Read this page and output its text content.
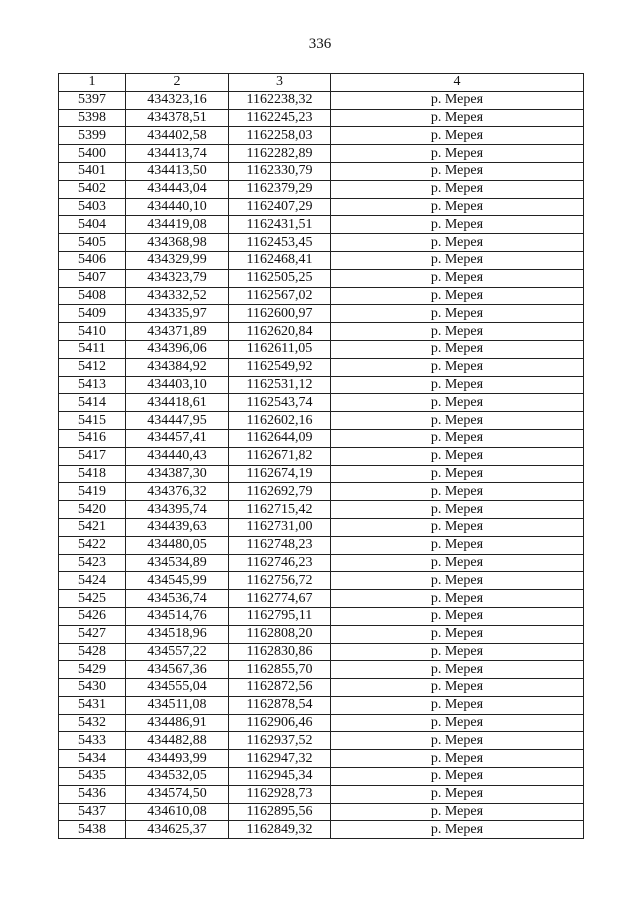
336
1	2	3	4
5397	434323,16	1162238,32	р. Мерея
5398	434378,51	1162245,23	р. Мерея
5399	434402,58	1162258,03	р. Мерея
5400	434413,74	1162282,89	р. Мерея
5401	434413,50	1162330,79	р. Мерея
5402	434443,04	1162379,29	р. Мерея
5403	434440,10	1162407,29	р. Мерея
5404	434419,08	1162431,51	р. Мерея
5405	434368,98	1162453,45	р. Мерея
5406	434329,99	1162468,41	р. Мерея
5407	434323,79	1162505,25	р. Мерея
5408	434332,52	1162567,02	р. Мерея
5409	434335,97	1162600,97	р. Мерея
5410	434371,89	1162620,84	р. Мерея
5411	434396,06	1162611,05	р. Мерея
5412	434384,92	1162549,92	р. Мерея
5413	434403,10	1162531,12	р. Мерея
5414	434418,61	1162543,74	р. Мерея
5415	434447,95	1162602,16	р. Мерея
5416	434457,41	1162644,09	р. Мерея
5417	434440,43	1162671,82	р. Мерея
5418	434387,30	1162674,19	р. Мерея
5419	434376,32	1162692,79	р. Мерея
5420	434395,74	1162715,42	р. Мерея
5421	434439,63	1162731,00	р. Мерея
5422	434480,05	1162748,23	р. Мерея
5423	434534,89	1162746,23	р. Мерея
5424	434545,99	1162756,72	р. Мерея
5425	434536,74	1162774,67	р. Мерея
5426	434514,76	1162795,11	р. Мерея
5427	434518,96	1162808,20	р. Мерея
5428	434557,22	1162830,86	р. Мерея
5429	434567,36	1162855,70	р. Мерея
5430	434555,04	1162872,56	р. Мерея
5431	434511,08	1162878,54	р. Мерея
5432	434486,91	1162906,46	р. Мерея
5433	434482,88	1162937,52	р. Мерея
5434	434493,99	1162947,32	р. Мерея
5435	434532,05	1162945,34	р. Мерея
5436	434574,50	1162928,73	р. Мерея
5437	434610,08	1162895,56	р. Мерея
5438	434625,37	1162849,32	р. Мерея
